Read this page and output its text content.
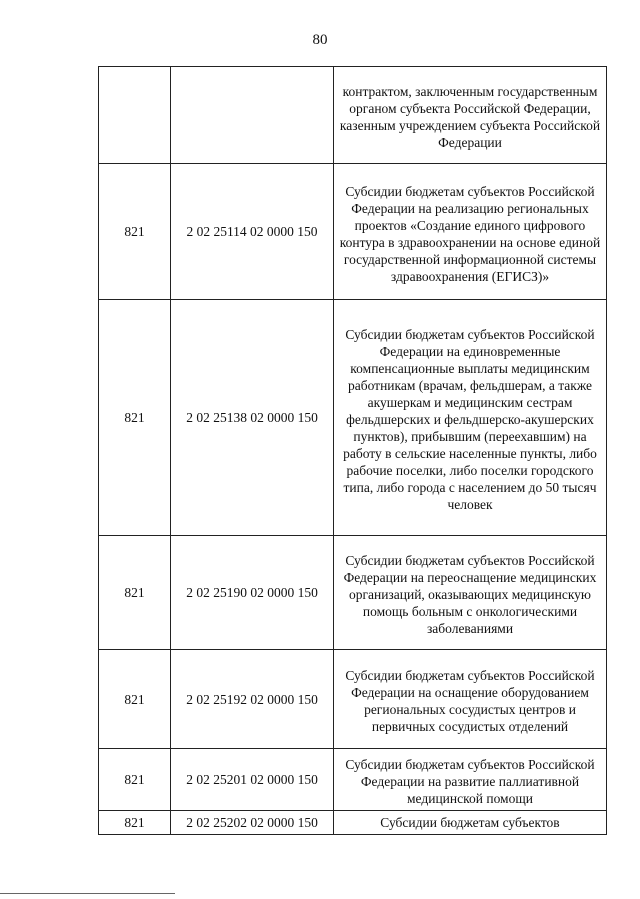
80

		контрактом, заключенным государственным органом субъекта Российской Федерации, казенным учреждением субъекта Российской Федерации

821	2 02 25114 02 0000 150	Субсидии бюджетам субъектов Российской Федерации на реализацию региональных проектов «Создание единого цифрового контура в здравоохранении на основе единой государственной информационной системы здравоохранения (ЕГИСЗ)»

821	2 02 25138 02 0000 150	Субсидии бюджетам субъектов Российской Федерации на единовременные компенсационные выплаты медицинским работникам (врачам, фельдшерам, а также акушеркам и медицинским сестрам фельдшерских и фельдшерско-акушерских пунктов), прибывшим (переехавшим) на работу в сельские населенные пункты, либо рабочие поселки, либо поселки городского типа, либо города с населением до 50 тысяч человек

821	2 02 25190 02 0000 150	Субсидии бюджетам субъектов Российской Федерации на переоснащение медицинских организаций, оказывающих медицинскую помощь больным с онкологическими заболеваниями

821	2 02 25192 02 0000 150	Субсидии бюджетам субъектов Российской Федерации на оснащение оборудованием региональных сосудистых центров и первичных сосудистых отделений

821	2 02 25201 02 0000 150	Субсидии бюджетам субъектов Российской Федерации на развитие паллиативной медицинской помощи

821	2 02 25202 02 0000 150	Субсидии бюджетам субъектов
